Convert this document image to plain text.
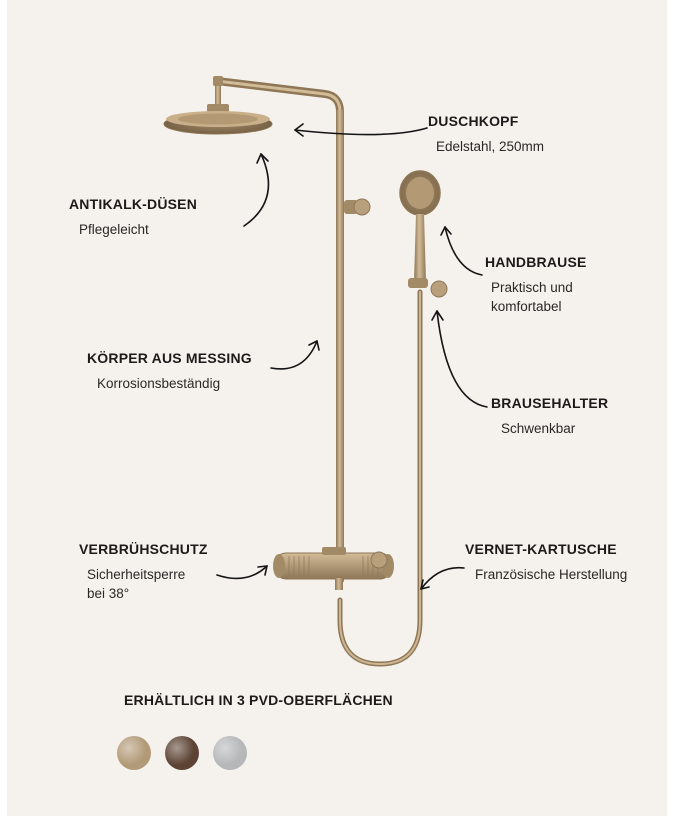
DUSCHKOPF
Edelstahl, 250mm
ANTIKALK-DÜSEN
Pflegeleicht
HANDBRAUSE
Praktisch und
komfortabel
KÖRPER AUS MESSING
Korrosionsbeständig
BRAUSEHALTER
Schwenkbar
VERBRÜHSCHUTZ
Sicherheitsperre
bei 38°
VERNET-KARTUSCHE
Französische Herstellung
ERHÄLTLICH IN 3 PVD-OBERFLÄCHEN
